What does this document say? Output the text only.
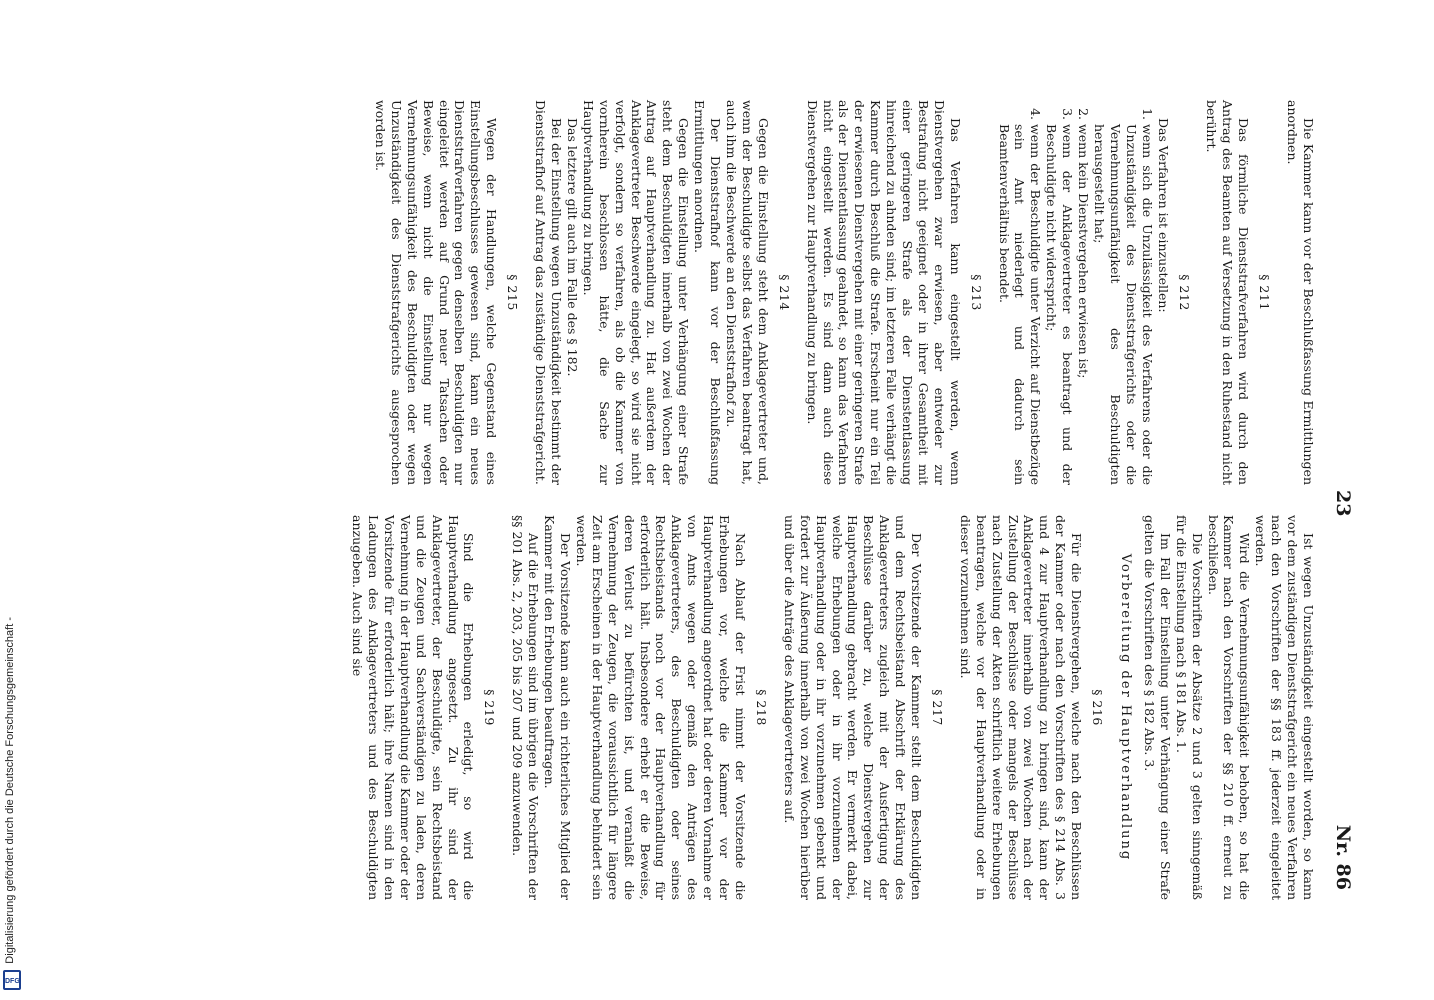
23
Nr. 86

Die Kammer kann vor der Beschlußfassung Ermittlungen anordnen.

§ 211

Das förmliche Dienststrafverfahren wird durch den Antrag des Beamten auf Versetzung in den Ruhestand nicht berührt.

§ 212

Das Verfahren ist einzustellen:

1.
wenn sich die Unzulässigkeit des Verfahrens oder die Unzuständigkeit des Dienststrafgerichts oder die Vernehmungsunfähigkeit des Beschuldigten herausgestellt hat;
2.
wenn kein Dienstvergehen erwiesen ist;
3.
wenn der Anklagevertreter es beantragt und der Beschuldigte nicht widerspricht;
4.
wenn der Beschuldigte unter Verzicht auf Dienstbezüge sein Amt niederlegt und dadurch sein Beamtenverhältnis beendet.
§ 213

Das Verfahren kann eingestellt werden, wenn Dienstvergehen zwar erwiesen, aber entweder zur Bestrafung nicht geeignet oder in ihrer Gesamtheit mit einer geringeren Strafe als der Dienstentlassung hinreichend zu ahnden sind; im letzteren Falle verhängt die Kammer durch Beschluß die Strafe. Erscheint nur ein Teil der erwiesenen Dienstvergehen mit einer geringeren Strafe als der Dienstentlassung geahndet, so kann das Verfahren nicht eingestellt werden. Es sind dann auch diese Dienstvergehen zur Hauptverhandlung zu bringen.

§ 214

Gegen die Einstellung steht dem Anklagevertreter und, wenn der Beschuldigte selbst das Verfahren beantragt hat, auch ihm die Beschwerde an den Dienststrafhof zu.

Der Dienststrafhof kann vor der Beschlußfassung Ermittlungen anordnen.

Gegen die Einstellung unter Verhängung einer Strafe steht dem Beschuldigten innerhalb von zwei Wochen der Antrag auf Hauptverhandlung zu. Hat außerdem der Anklagevertreter Beschwerde eingelegt, so wird sie nicht verfolgt, sondern so verfahren, als ob die Kammer von vornherein beschlossen hätte, die Sache zur Hauptverhandlung zu bringen.

Das letztere gilt auch im Falle des § 182.

Bei der Einstellung wegen Unzuständigkeit bestimmt der Dienststrafhof auf Antrag das zuständige Dienststrafgericht.

§ 215

Wegen der Handlungen, welche Gegenstand eines Einstellungsbeschlusses gewesen sind, kann ein neues Dienststrafverfahren gegen denselben Beschuldigten nur eingeleitet werden auf Grund neuer Tatsachen oder Beweise, wenn nicht die Einstellung nur wegen Vernehmungsunfähigkeit des Beschuldigten oder wegen Unzuständigkeit des Dienststrafgerichts ausgesprochen worden ist.

Ist wegen Unzuständigkeit eingestellt worden, so kann vor dem zuständigen Dienststrafgericht ein neues Verfahren nach den Vorschriften der §§ 183 ff. jederzeit eingeleitet werden.

Wird die Vernehmungsunfähigkeit behoben, so hat die Kammer nach den Vorschriften der §§ 210 ff. erneut zu beschließen.

Die Vorschriften der Absätze 2 und 3 gelten sinngemäß für die Einstellung nach § 181 Abs. 1.

Im Fall der Einstellung unter Verhängung einer Strafe gelten die Vorschriften des § 182 Abs. 3.

Vorbereitung der Hauptverhandlung
§ 216

Für die Dienstvergehen, welche nach den Beschlüssen der Kammer oder nach den Vorschriften des § 214 Abs. 3 und 4 zur Hauptverhandlung zu bringen sind, kann der Anklagevertreter innerhalb von zwei Wochen nach der Zustellung der Beschlüsse oder mangels der Beschlüsse nach Zustellung der Akten schriftlich weitere Erhebungen beantragen, welche vor der Hauptverhandlung oder in dieser vorzunehmen sind.

§ 217

Der Vorsitzende der Kammer stellt dem Beschuldigten und dem Rechtsbeistand Abschrift der Erklärung des Anklagevertreters zugleich mit der Ausfertigung der Beschlüsse darüber zu, welche Dienstvergehen zur Hauptverhandlung gebracht werden. Er vermerkt dabei, welche Erhebungen oder in ihr vorzunehmen der Hauptverhandlung oder in ihr vorzunehmen gebenkt und fordert zur Äußerung innerhalb von zwei Wochen hierüber und über die Anträge des Anklagevertreters auf.

§ 218

Nach Ablauf der Frist nimmt der Vorsitzende die Erhebungen vor, welche die Kammer vor der Hauptverhandlung angeordnet hat oder deren Vornahme er von Amts wegen oder gemäß den Anträgen des Anklagevertreters, des Beschuldigten oder seines Rechtsbeistands noch vor der Hauptverhandlung für erforderlich hält. Insbesondere erhebt er die Beweise, deren Verlust zu befürchten ist, und veranlaßt die Vernehmung der Zeugen, die voraussichtlich für längere Zeit am Erscheinen in der Hauptverhandlung behindert sein werden.

Der Vorsitzende kann auch ein richterliches Mitglied der Kammer mit den Erhebungen beauftragen.

Auf die Erhebungen sind im übrigen die Vorschriften der §§ 201 Abs. 2, 203, 205 bis 207 und 209 anzuwenden.

§ 219

Sind die Erhebungen erledigt, so wird die Hauptverhandlung angesetzt. Zu ihr sind der Anklagevertreter, der Beschuldigte, sein Rechtsbeistand und die Zeugen und Sachverständigen zu laden, deren Vernehmung in der Hauptverhandlung die Kammer oder der Vorsitzende für erforderlich hält; ihre Namen sind in den Ladungen des Anklagevertreters und des Beschuldigten anzugeben. Auch sind sie

Digitalisierung gefördert durch die Deutsche Forschungsgemeinschaft -
DFG
